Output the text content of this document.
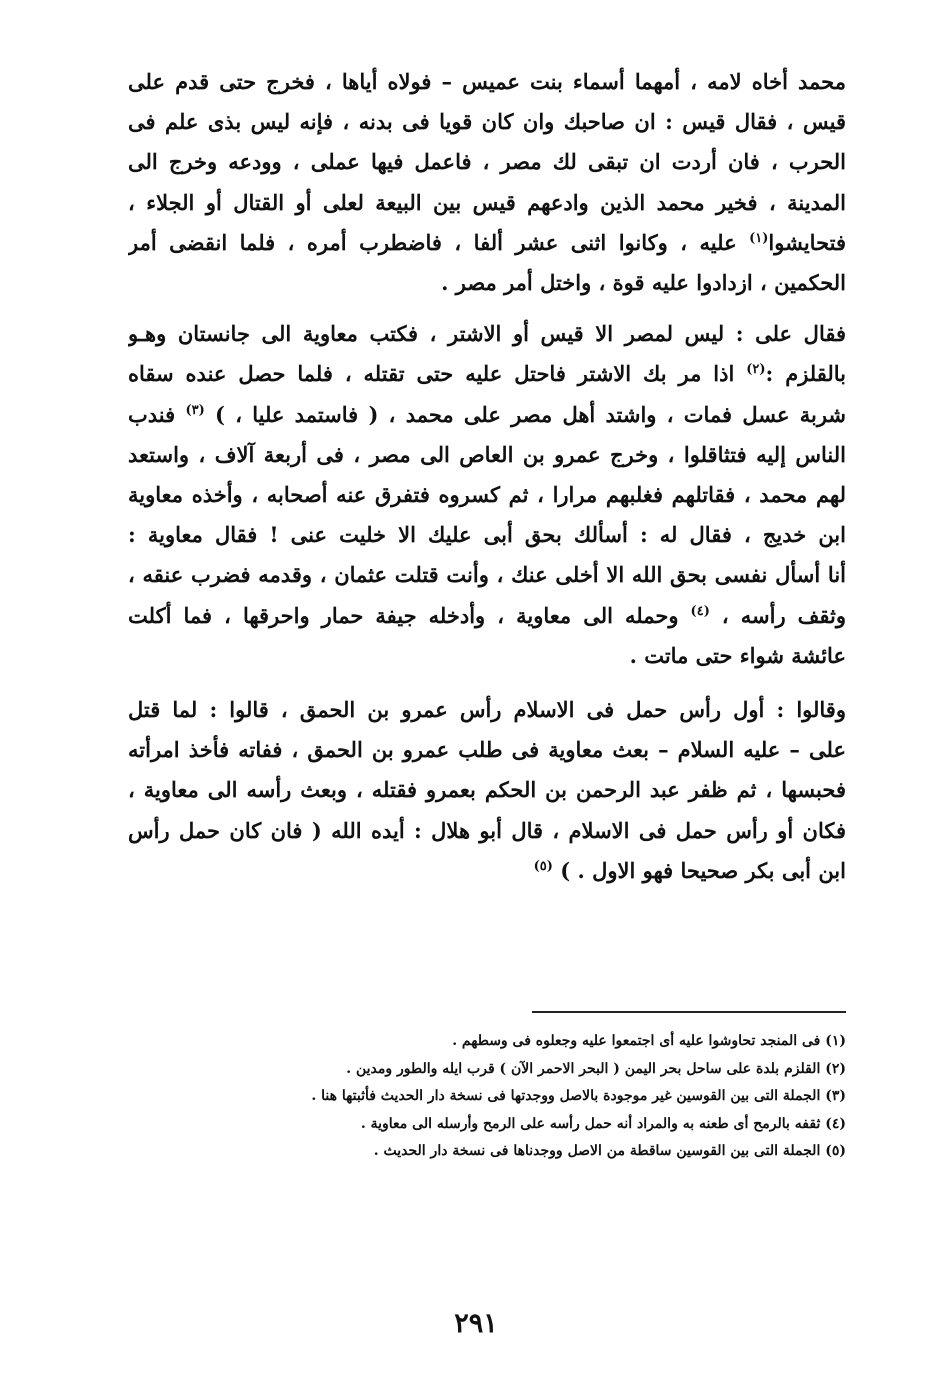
محمد أخاه لامه ، أمهما أسماء بنت عميس – فولاه أياها ، فخرج حتى قدم على
قيس ، فقال قيس : ان صاحبك وان كان قويا فى بدنه ، فإنه ليس بذى علم فى
الحرب ، فان أردت ان تبقى لك مصر ، فاعمل فيها عملى ، وودعه وخرج الى
المدينة ، فخير محمد الذين وادعهم قيس بين البيعة لعلى أو القتال أو الجلاء ،
فتحايشوا$^{(١)}$ عليه ، وكانوا اثنى عشر ألفا ، فاضطرب أمره ، فلما انقضى أمر
الحكمين ، ازدادوا عليه قوة ، واختل أمر مصر .

فقال على : ليس لمصر الا قيس أو الاشتر ، فكتب معاوية الى جانستان وهـو
بالقلزم :$^{(٢)}$ اذا مر بك الاشتر فاحتل عليه حتى تقتله ، فلما حصل عنده سقاه
شربة عسل فمات ، واشتد أهل مصر على محمد ، ( فاستمد عليا ، ) $^{(٣)}$ فندب
الناس إليه فتثاقلوا ، وخرج عمرو بن العاص الى مصر ، فى أربعة آلاف ، واستعد
لهم محمد ، فقاتلهم فغلبهم مرارا ، ثم كسروه فتفرق عنه أصحابه ، وأخذه معاوية
ابن خديج ، فقال له : أسألك بحق أبى عليك الا خليت عنى ! فقال معاوية :
أنا أسأل نفسى بحق الله الا أخلى عنك ، وأنت قتلت عثمان ، وقدمه فضرب عنقه ،
وثقف رأسه ، $^{(٤)}$ وحمله الى معاوية ، وأدخله جيفة حمار واحرقها ، فما أكلت
عائشة شواء حتى ماتت .

وقالوا : أول رأس حمل فى الاسلام رأس عمرو بن الحمق ، قالوا : لما قتل
على – عليه السلام – بعث معاوية فى طلب عمرو بن الحمق ، ففاته فأخذ امرأته
فحبسها ، ثم ظفر عبد الرحمن بن الحكم بعمرو فقتله ، وبعث رأسه الى معاوية ،
فكان أو رأس حمل فى الاسلام ، قال أبو هلال : أيده الله ( فان كان حمل رأس
ابن أبى بكر صحيحا فهو الاول . ) $^{(٥)}$

(١) فى المنجد تحاوشوا عليه أى اجتمعوا عليه وجعلوه فى وسطهم .
(٢) القلزم بلدة على ساحل بحر اليمن ( البحر الاحمر الآن ) قرب ايله والطور ومدين .
(٣) الجملة التى بين القوسين غير موجودة بالاصل ووجدتها فى نسخة دار الحديث فأثبتها هنا .
(٤) ثقفه بالرمح أى طعنه به والمراد أنه حمل رأسه على الرمح وأرسله الى معاوية .
(٥) الجملة التى بين القوسين ساقطة من الاصل ووجدناها فى نسخة دار الحديث .
٢٩١
